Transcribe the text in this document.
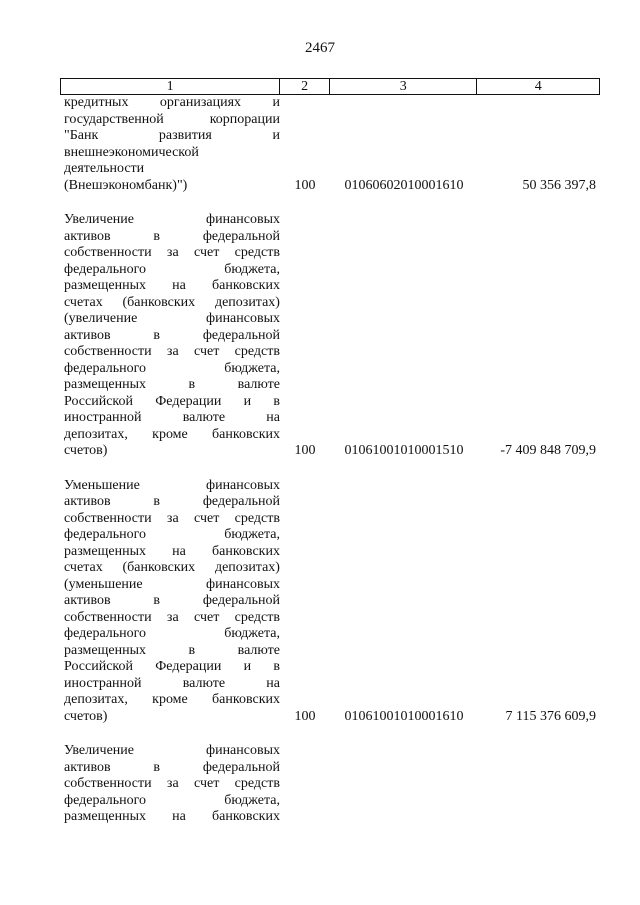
2467
1	2	3	4
кредитных организациях и
государственной	корпорации
"Банк	развития	и
внешнеэкономической
деятельности
(Внешэкономбанк)")	100	01060602010001610	50 356 397,8
Увеличение	финансовых
активов	в	федеральной
собственности за счет средств
федерального	бюджета,
размещенных на банковских
счетах (банковских депозитах)
(увеличение	финансовых
активов	в	федеральной
собственности за счет средств
федерального	бюджета,
размещенных	в	валюте
Российской Федерации и в
иностранной	валюте	на
депозитах, кроме банковских
счетов)	100	01061001010001510	-7 409 848 709,9
Уменьшение	финансовых
активов	в	федеральной
собственности за счет средств
федерального	бюджета,
размещенных на банковских
счетах (банковских депозитах)
(уменьшение	финансовых
активов	в	федеральной
собственности за счет средств
федерального	бюджета,
размещенных	в	валюте
Российской Федерации и в
иностранной	валюте	на
депозитах, кроме банковских
счетов)	100	01061001010001610	7 115 376 609,9
Увеличение	финансовых
активов	в	федеральной
собственности за счет средств
федерального	бюджета,
размещенных на банковских
